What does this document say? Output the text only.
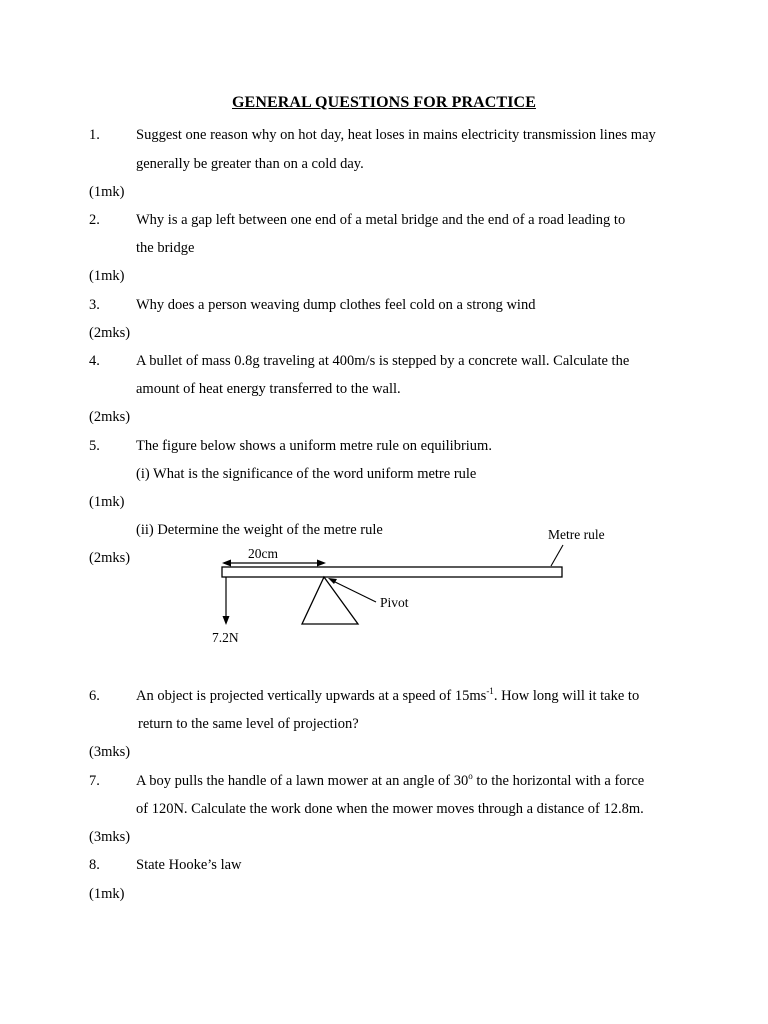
GENERAL QUESTIONS FOR PRACTICE
1. Suggest one reason why on hot day, heat loses in mains electricity transmission lines may
generally be greater than on a cold day.
(1mk)
2. Why is a gap left between one end of a metal bridge and the end of a road leading to
the bridge
(1mk)
3. Why does a person weaving dump clothes feel cold on a strong wind
(2mks)
4. A bullet of mass 0.8g traveling at 400m/s is stepped by a concrete wall. Calculate the
amount of heat energy transferred to the wall.
(2mks)
5. The figure below shows a uniform metre rule on equilibrium.
(i) What is the significance of the word uniform metre rule
(1mk)
(ii) Determine the weight of the metre rule
(2mks)	20cm
Metre rule
Pivot
7.2N
6. An object is projected vertically upwards at a speed of $15ms^{-1}$. How long will it take to
return to the same level of projection?
(3mks)
7. A boy pulls the handle of a lawn mower at an angle of 30$^o$ to the horizontal with a force
of 120N. Calculate the work done when the mower moves through a distance of 12.8m.
(3mks)
8. State Hooke’s law
(1mk)
